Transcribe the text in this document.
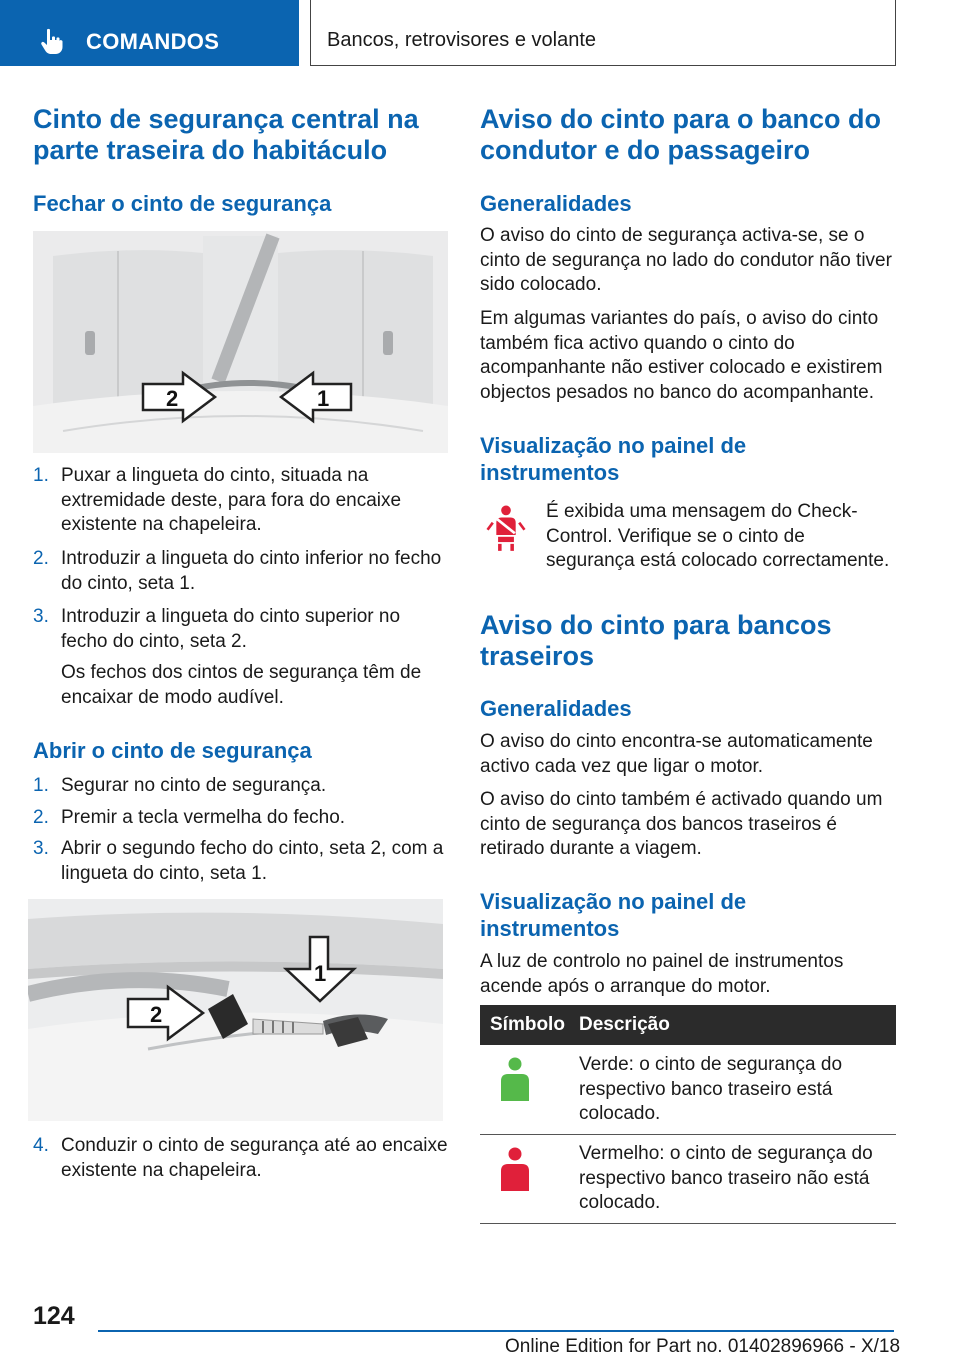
COMANDOS	Bancos, retrovisores e volante
Cinto de segurança central na parte traseira do habitáculo
Fechar o cinto de segurança
2	1
1. Puxar a lingueta do cinto, situada na extremidade deste, para fora do encaixe existente na chapeleira.
2. Introduzir a lingueta do cinto inferior no fecho do cinto, seta 1.
3. Introduzir a lingueta do cinto superior no fecho do cinto, seta 2.

Os fechos dos cintos de segurança têm de encaixar de modo audível.

Abrir o cinto de segurança
1. Segurar no cinto de segurança.
2. Premir a tecla vermelha do fecho.
3. Abrir o segundo fecho do cinto, seta 2, com a lingueta do cinto, seta 1.
2
1
4. Conduzir o cinto de segurança até ao encaixe existente na chapeleira.
Aviso do cinto para o banco do condutor e do passageiro
Generalidades

O aviso do cinto de segurança activa-se, se o cinto de segurança no lado do condutor não tiver sido colocado.

Em algumas variantes do país, o aviso do cinto também fica activo quando o cinto do acompanhante não estiver colocado e existirem objectos pesados no banco do acompanhante.

Visualização no painel de instrumentos

É exibida uma mensagem do Check-Control. Verifique se o cinto de segurança está colocado correctamente.

Aviso do cinto para bancos traseiros
Generalidades

O aviso do cinto encontra-se automaticamente activo cada vez que ligar o motor.

O aviso do cinto também é activado quando um cinto de segurança dos bancos traseiros é retirado durante a viagem.

Visualização no painel de instrumentos

A luz de controlo no painel de instrumentos acende após o arranque do motor.

Símbolo Descrição

Verde: o cinto de segurança do respectivo banco traseiro está colocado.

Vermelho: o cinto de segurança do respectivo banco traseiro não está colocado.

124
Online Edition for Part no. 01402896966 - X/18
